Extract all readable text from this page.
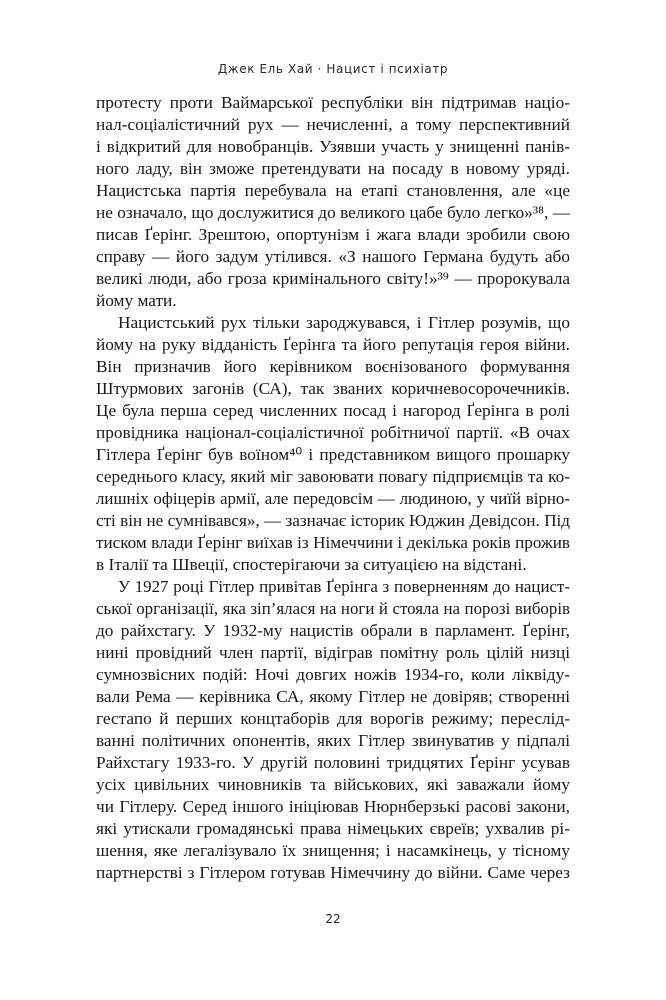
Джек Ель Хай · Нацист і психіатр
протесту проти Ваймарської республіки він підтримав націо-
нал-соціалістичний рух — нечисленні, а тому перспективний
і відкритий для новобранців. Узявши участь у знищенні панів-
ного ладу, він зможе претендувати на посаду в новому уряді.
Нацистська партія перебувала на етапі становлення, але «це
не означало, що дослужитися до великого цабе було легко»³⁸, —
писав Ґерінг. Зрештою, опортунізм і жага влади зробили свою
справу — його задум утілився. «З нашого Германа будуть або
великі люди, або гроза кримінального світу!»³⁹ — пророкувала
йому мати.
Нацистський рух тільки зароджувався, і Гітлер розумів, що
йому на руку відданість Ґерінга та його репутація героя війни.
Він призначив його керівником воєнізованого формування
Штурмових загонів (СА), так званих коричневосорочечників.
Це була перша серед численних посад і нагород Ґерінга в ролі
провідника націонал-соціалістичної робітничої партії. «В очах
Гітлера Ґерінг був воїном⁴⁰ і представником вищого прошарку
середнього класу, який міг завоювати повагу підприємців та ко-
лишніх офіцерів армії, але передовсім — людиною, у чиїй вірно-
сті він не сумнівався», — зазначає історик Юджин Девідсон. Під
тиском влади Ґерінг виїхав із Німеччини і декілька років прожив
в Італії та Швеції, спостерігаючи за ситуацією на відстані.
У 1927 році Гітлер привітав Ґерінга з поверненням до нацист-
ської організації, яка зіп’ялася на ноги й стояла на порозі виборів
до райхстагу. У 1932-му нацистів обрали в парламент. Ґерінг,
нині провідний член партії, відіграв помітну роль цілій низці
сумнозвісних подій: Ночі довгих ножів 1934-го, коли ліквіду-
вали Рема — керівника СА, якому Гітлер не довіряв; створенні
гестапо й перших концтаборів для ворогів режиму; переслід-
ванні політичних опонентів, яких Гітлер звинуватив у підпалі
Райхстагу 1933-го. У другій половині тридцятих Ґерінг усував
усіх цивільних чиновників та військових, які заважали йому
чи Гітлеру. Серед іншого ініціював Нюрнберзькі расові закони,
які утискали громадянські права німецьких євреїв; ухвалив рі-
шення, яке легалізувало їх знищення; і насамкінець, у тісному
партнерстві з Гітлером готував Німеччину до війни. Саме через
22
